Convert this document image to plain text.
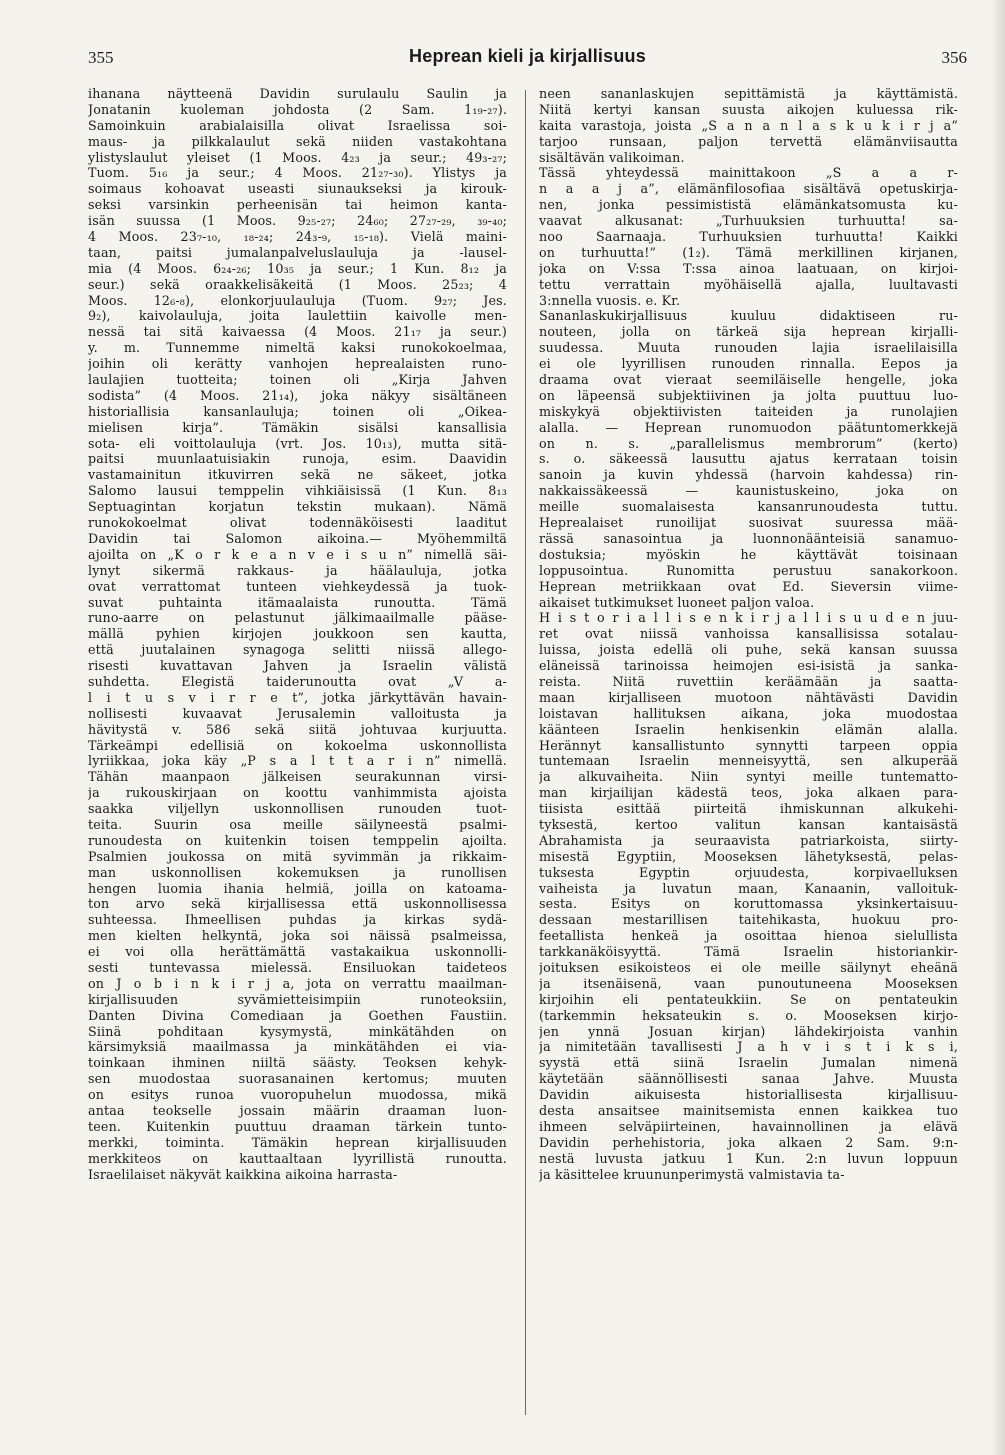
355	Heprean kieli ja kirjallisuus	356
ihanana näytteenä Davidin surulaulu Saulin ja
Jonatanin kuoleman johdosta (2 Sam. 1₁₉-₂₇).
Samoinkuin arabialaisilla olivat Israelissa soi-
maus- ja pilkkalaulut sekä niiden vastakohtana
ylistyslaulut yleiset (1 Moos. 4₂₃ ja seur.; 49₃-₂₇;
Tuom. 5₁₆ ja seur.; 4 Moos. 21₂₇-₃₀). Ylistys ja
soimaus kohoavat useasti siunaukseksi ja kirouk-
seksi varsinkin perheenisän tai heimon kanta-
isän suussa (1 Moos. 9₂₅-₂₇; 24₆₀; 27₂₇-₂₉, ₃₉-₄₀;
4 Moos. 23₇-₁₀, ₁₈-₂₄; 24₃-₉, ₁₅-₁₈). Vielä maini-
taan, paitsi jumalanpalveluslauluja ja -lausel-
mia (4 Moos. 6₂₄-₂₆; 10₃₅ ja seur.; 1 Kun. 8₁₂ ja
seur.) sekä oraakkelisäkeitä (1 Moos. 25₂₃; 4
Moos. 12₆-₈), elonkorjuulauluja (Tuom. 9₂₇; Jes.
9₂), kaivolauluja, joita laulettiin kaivolle men-
nessä tai sitä kaivaessa (4 Moos. 21₁₇ ja seur.)
y. m. Tunnemme nimeltä kaksi runokokoelmaa,
joihin oli kerätty vanhojen heprealaisten runo-
laulajien tuotteita; toinen oli „Kirja Jahven
sodista” (4 Moos. 21₁₄), joka näkyy sisältäneen
historiallisia kansanlauluja; toinen oli „Oikea-
mielisen kirja”. Tämäkin sisälsi kansallisia
sota- eli voittolauluja (vrt. Jos. 10₁₃), mutta sitä-
paitsi muunlaatuisiakin runoja, esim. Daavidin
vastamainitun itkuvirren sekä ne säkeet, jotka
Salomo lausui temppelin vihkiäisissä (1 Kun. 8₁₃
Septuagintan korjatun tekstin mukaan). Nämä
runokokoelmat olivat todennäköisesti laaditut
Davidin tai Salomon aikoina.— Myöhemmiltä
ajoilta on „K o r k e a n v e i s u n” nimellä säi-
lynyt sikermä rakkaus- ja häälauluja, jotka
ovat verrattomat tunteen viehkeydessä ja tuok-
suvat puhtainta itämaalaista runoutta. Tämä
runo-aarre on pelastunut jälkimaailmalle pääse-
mällä pyhien kirjojen joukkoon sen kautta,
että juutalainen synagoga selitti niissä allego-
risesti kuvattavan Jahven ja Israelin välistä
suhdetta. Elegistä taiderunoutta ovat „V a-
l i t u s v i r r e t”, jotka järkyttävän havain-
nollisesti kuvaavat Jerusalemin valloitusta ja
hävitystä v. 586 sekä siitä johtuvaa kurjuutta.
Tärkeämpi edellisiä on kokoelma uskonnollista
lyriikkaa, joka käy „P s a l t t a r i n” nimellä.
Tähän maanpaon jälkeisen seurakunnan virsi-
ja rukouskirjaan on koottu vanhimmista ajoista
saakka viljellyn uskonnollisen runouden tuot-
teita. Suurin osa meille säilyneestä psalmi-
runoudesta on kuitenkin toisen temppelin ajoilta.
Psalmien joukossa on mitä syvimmän ja rikkaim-
man uskonnollisen kokemuksen ja runollisen
hengen luomia ihania helmiä, joilla on katoama-
ton arvo sekä kirjallisessa että uskonnollisessa
suhteessa. Ihmeellisen puhdas ja kirkas sydä-
men kielten helkyntä, joka soi näissä psalmeissa,
ei voi olla herättämättä vastakaikua uskonnolli-
sesti tuntevassa mielessä. Ensiluokan taideteos
on J o b i n k i r j a, jota on verrattu maailman-
kirjallisuuden syvämietteisimpiin runoteoksiin,
Danten Divina Comediaan ja Goethen Faustiin.
Siinä pohditaan kysymystä, minkätähden on
kärsimyksiä maailmassa ja minkätähden ei via-
toinkaan ihminen niiltä säästy. Teoksen kehyk-
sen muodostaa suorasanainen kertomus; muuten
on esitys runoa vuoropuhelun muodossa, mikä
antaa teokselle jossain määrin draaman luon-
teen. Kuitenkin puuttuu draaman tärkein tunto-
merkki, toiminta. Tämäkin heprean kirjallisuuden
merkkiteos on kauttaaltaan lyyrillistä runoutta.
Israelilaiset näkyvät kaikkina aikoina harrasta-
neen sananlaskujen sepittämistä ja käyttämistä.
Niitä kertyi kansan suusta aikojen kuluessa rik-
kaita varastoja, joista „S a n a n l a s k u k i r j a”
tarjoo runsaan, paljon tervettä elämänviisautta
sisältävän valikoiman.
Tässä yhteydessä mainittakoon „S a a r-
n a a j a”, elämänfilosofiaa sisältävä opetuskirja-
nen, jonka pessimististä elämänkatsomusta ku-
vaavat alkusanat: „Turhuuksien turhuutta! sa-
noo Saarnaaja. Turhuuksien turhuutta! Kaikki
on turhuutta!” (1₂). Tämä merkillinen kirjanen,
joka on V:ssa T:ssa ainoa laatuaan, on kirjoi-
tettu verrattain myöhäisellä ajalla, luultavasti
3:nnella vuosis. e. Kr.
Sananlaskukirjallisuus kuuluu didaktiseen ru-
nouteen, jolla on tärkeä sija heprean kirjalli-
suudessa. Muuta runouden lajia israelilaisilla
ei ole lyyrillisen runouden rinnalla. Eepos ja
draama ovat vieraat seemiläiselle hengelle, joka
on läpeensä subjektiivinen ja jolta puuttuu luo-
miskykyä objektiivisten taiteiden ja runolajien
alalla. — Heprean runomuodon päätuntomerkkejä
on n. s. „parallelismus membrorum” (kerto)
s. o. säkeessä lausuttu ajatus kerrataan toisin
sanoin ja kuvin yhdessä (harvoin kahdessa) rin-
nakkaissäkeessä — kaunistuskeino, joka on
meille suomalaisesta kansanrunoudesta tuttu.
Heprealaiset runoilijat suosivat suuressa mää-
rässä sanasointua ja luonnonäänteisiä sanamuo-
dostuksia; myöskin he käyttävät toisinaan
loppusointua. Runomitta perustuu sanakorkoon.
Heprean metriikkaan ovat Ed. Sieversin viime-
aikaiset tutkimukset luoneet paljon valoa.
H i s t o r i a l l i s e n k i r j a l l i s u u d e n juu-
ret ovat niissä vanhoissa kansallisissa sotalau-
luissa, joista edellä oli puhe, sekä kansan suussa
eläneissä tarinoissa heimojen esi-isistä ja sanka-
reista. Niitä ruvettiin keräämään ja saatta-
maan kirjalliseen muotoon nähtävästi Davidin
loistavan hallituksen aikana, joka muodostaa
käänteen Israelin henkisenkin elämän alalla.
Herännyt kansallistunto synnytti tarpeen oppia
tuntemaan Israelin menneisyyttä, sen alkuperää
ja alkuvaiheita. Niin syntyi meille tuntematto-
man kirjailijan kädestä teos, joka alkaen para-
tiisista esittää piirteitä ihmiskunnan alkukehi-
tyksestä, kertoo valitun kansan kantaisästä
Abrahamista ja seuraavista patriarkoista, siirty-
misestä Egyptiin, Mooseksen lähetyksestä, pelas-
tuksesta Egyptin orjuudesta, korpivaelluksen
vaiheista ja luvatun maan, Kanaanin, valloituk-
sesta. Esitys on koruttomassa yksinkertaisuu-
dessaan mestarillisen taitehikasta, huokuu pro-
feetallista henkeä ja osoittaa hienoa sielullista
tarkkanäköisyyttä. Tämä Israelin historiankir-
joituksen esikoisteos ei ole meille säilynyt eheänä
ja itsenäisenä, vaan punoutuneena Mooseksen
kirjoihin eli pentateukkiin. Se on pentateukin
(tarkemmin heksateukin s. o. Mooseksen kirjo-
jen ynnä Josuan kirjan) lähdekirjoista vanhin
ja nimitetään tavallisesti J a h v i s t i k s i,
syystä että siinä Israelin Jumalan nimenä
käytetään säännöllisesti sanaa Jahve. Muusta
Davidin aikuisesta historiallisesta kirjallisuu-
desta ansaitsee mainitsemista ennen kaikkea tuo
ihmeen selväpiirteinen, havainnollinen ja elävä
Davidin perhehistoria, joka alkaen 2 Sam. 9:n-
nestä luvusta jatkuu 1 Kun. 2:n luvun loppuun
ja käsittelee kruununperimystä valmistavia ta-
